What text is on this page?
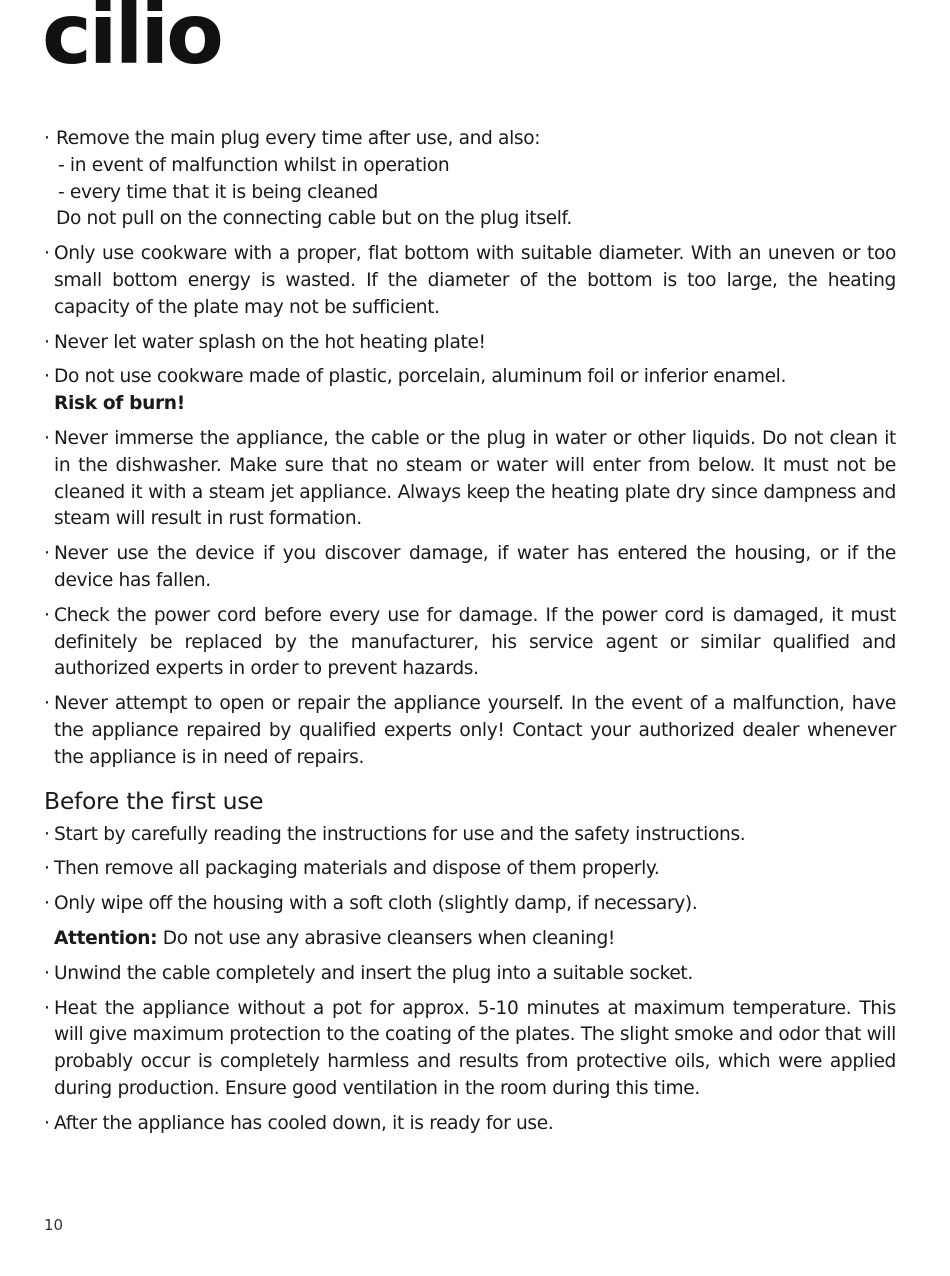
cilio
· Remove the main plug every time after use, and also:
- in event of malfunction whilst in operation
- every time that it is being cleaned
Do not pull on the connecting cable but on the plug itself.
· Only use cookware with a proper, flat bottom with suitable diameter. With an uneven or too small bottom energy is wasted. If the diameter of the bottom is too large, the heating capacity of the plate may not be sufficient.
· Never let water splash on the hot heating plate!
· Do not use cookware made of plastic, porcelain, aluminum foil or inferior enamel.
Risk of burn!
· Never immerse the appliance, the cable or the plug in water or other liquids. Do not clean it in the dishwasher. Make sure that no steam or water will enter from below. It must not be cleaned it with a steam jet appliance. Always keep the heating plate dry since dampness and steam will result in rust formation.
· Never use the device if you discover damage, if water has entered the housing, or if the device has fallen.
· Check the power cord before every use for damage. If the power cord is damaged, it must definitely be replaced by the manufacturer, his service agent or similar qualified and authorized experts in order to prevent hazards.
· Never attempt to open or repair the appliance yourself. In the event of a malfunction, have the appliance repaired by qualified experts only! Contact your authorized dealer whenever the appliance is in need of repairs.
Before the first use
· Start by carefully reading the instructions for use and the safety instructions.
· Then remove all packaging materials and dispose of them properly.
· Only wipe off the housing with a soft cloth (slightly damp, if necessary).
Attention: Do not use any abrasive cleansers when cleaning!
· Unwind the cable completely and insert the plug into a suitable socket.
· Heat the appliance without a pot for approx. 5-10 minutes at maximum temperature. This will give maximum protection to the coating of the plates. The slight smoke and odor that will probably occur is completely harmless and results from protective oils, which were applied during production. Ensure good ventilation in the room during this time.
· After the appliance has cooled down, it is ready for use.
10
